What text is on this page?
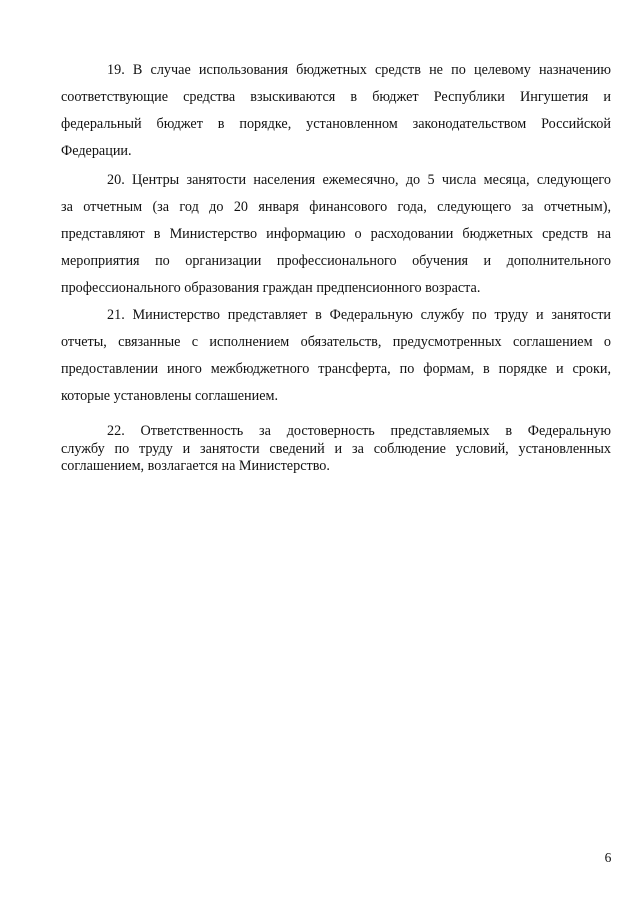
19. В случае использования бюджетных средств не по целевому назначению
соответствующие средства взыскиваются в бюджет Республики Ингушетия и
федеральный бюджет в порядке, установленном законодательством Российской
Федерации.
20. Центры занятости населения ежемесячно, до 5 числа месяца, следующего
за отчетным (за год до 20 января финансового года, следующего за отчетным),
представляют в Министерство информацию о расходовании бюджетных средств на
мероприятия по организации профессионального обучения и дополнительного
профессионального образования граждан предпенсионного возраста.
21. Министерство представляет в Федеральную службу по труду и занятости
отчеты, связанные с исполнением обязательств, предусмотренных соглашением о
предоставлении иного межбюджетного трансферта, по формам, в порядке и сроки,
которые установлены соглашением.
22. Ответственность за достоверность представляемых в Федеральную
службу по труду и занятости сведений и за соблюдение условий, установленных
соглашением, возлагается на Министерство.
6
